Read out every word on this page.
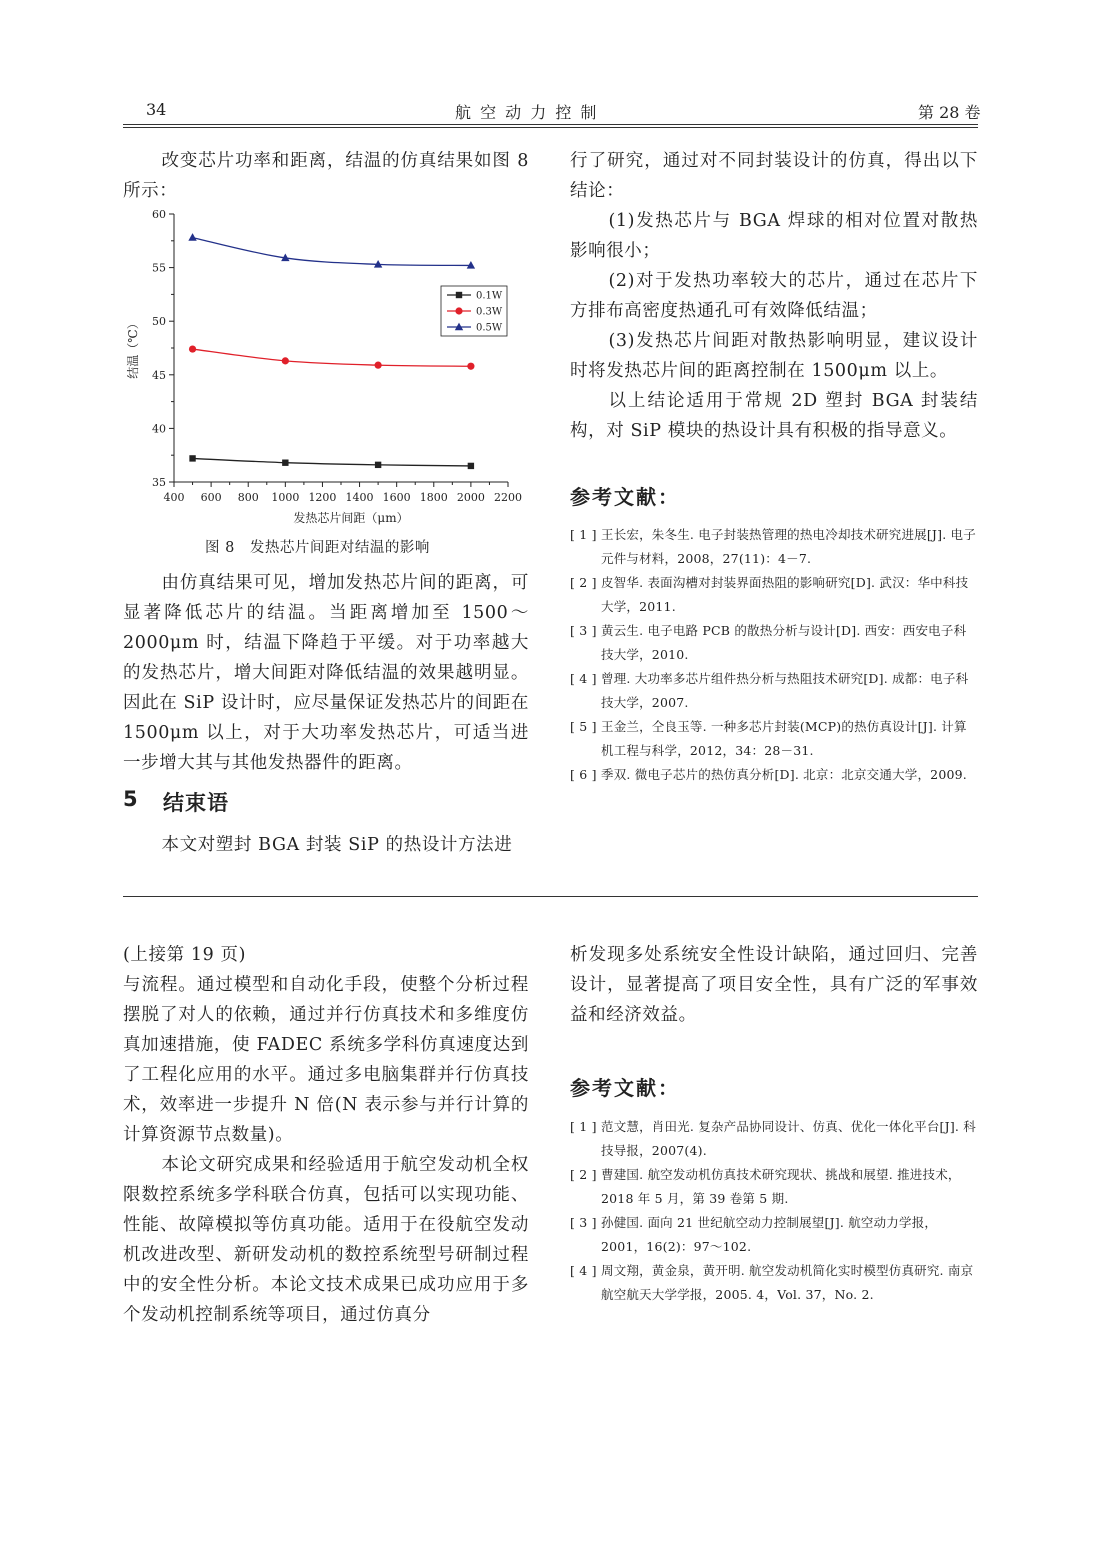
34	航 空 动 力 控 制	第 28 卷

改变芯片功率和距离，结温的仿真结果如图 8 所示：

35
40
45
50
55
60
400 600 800 1000 1200 1400 1600 1800 2000 2200
发热芯片间距（μm）
结温（℃）
0.1W
0.3W
0.5W
图 8　发热芯片间距对结温的影响

由仿真结果可见，增加发热芯片间的距离，可显著降低芯片的结温。当距离增加至 1500～2000μm 时，结温下降趋于平缓。对于功率越大的发热芯片，增大间距对降低结温的效果越明显。因此在 SiP 设计时，应尽量保证发热芯片的间距在 1500μm 以上，对于大功率发热芯片，可适当进一步增大其与其他发热器件的距离。

5 结束语

本文对塑封 BGA 封装 SiP 的热设计方法进

行了研究，通过对不同封装设计的仿真，得出以下结论：

(1)发热芯片与 BGA 焊球的相对位置对散热影响很小；

(2)对于发热功率较大的芯片，通过在芯片下方排布高密度热通孔可有效降低结温；

(3)发热芯片间距对散热影响明显，建议设计时将发热芯片间的距离控制在 1500μm 以上。

以上结论适用于常规 2D 塑封 BGA 封装结构，对 SiP 模块的热设计具有积极的指导意义。

参考文献：
[ 1 ] 王长宏，朱冬生. 电子封装热管理的热电冷却技术研究进展[J]. 电子元件与材料，2008，27(11)：4－7.
[ 2 ] 皮智华. 表面沟槽对封装界面热阻的影响研究[D]. 武汉：华中科技大学，2011.
[ 3 ] 黄云生. 电子电路 PCB 的散热分析与设计[D]. 西安：西安电子科技大学，2010.
[ 4 ] 曾理. 大功率多芯片组件热分析与热阻技术研究[D]. 成都：电子科技大学，2007.
[ 5 ] 王金兰，仝良玉等. 一种多芯片封装(MCP)的热仿真设计[J]. 计算机工程与科学，2012，34：28－31.
[ 6 ] 季双. 微电子芯片的热仿真分析[D]. 北京：北京交通大学，2009.

(上接第 19 页)

与流程。通过模型和自动化手段，使整个分析过程摆脱了对人的依赖，通过并行仿真技术和多维度仿真加速措施，使 FADEC 系统多学科仿真速度达到了工程化应用的水平。通过多电脑集群并行仿真技术，效率进一步提升 N 倍(N 表示参与并行计算的计算资源节点数量)。

本论文研究成果和经验适用于航空发动机全权限数控系统多学科联合仿真，包括可以实现功能、性能、故障模拟等仿真功能。适用于在役航空发动机改进改型、新研发动机的数控系统型号研制过程中的安全性分析。本论文技术成果已成功应用于多个发动机控制系统等项目，通过仿真分

析发现多处系统安全性设计缺陷，通过回归、完善设计，显著提高了项目安全性，具有广泛的军事效益和经济效益。

参考文献：
[ 1 ] 范文慧，肖田光. 复杂产品协同设计、仿真、优化一体化平台[J]. 科技导报，2007(4).
[ 2 ] 曹建国. 航空发动机仿真技术研究现状、挑战和展望. 推进技术，2018 年 5 月，第 39 卷第 5 期.
[ 3 ] 孙健国. 面向 21 世纪航空动力控制展望[J]. 航空动力学报，2001，16(2)：97～102.
[ 4 ] 周文翔，黄金泉，黄开明. 航空发动机简化实时模型仿真研究. 南京航空航天大学学报，2005. 4，Vol. 37，No. 2.
